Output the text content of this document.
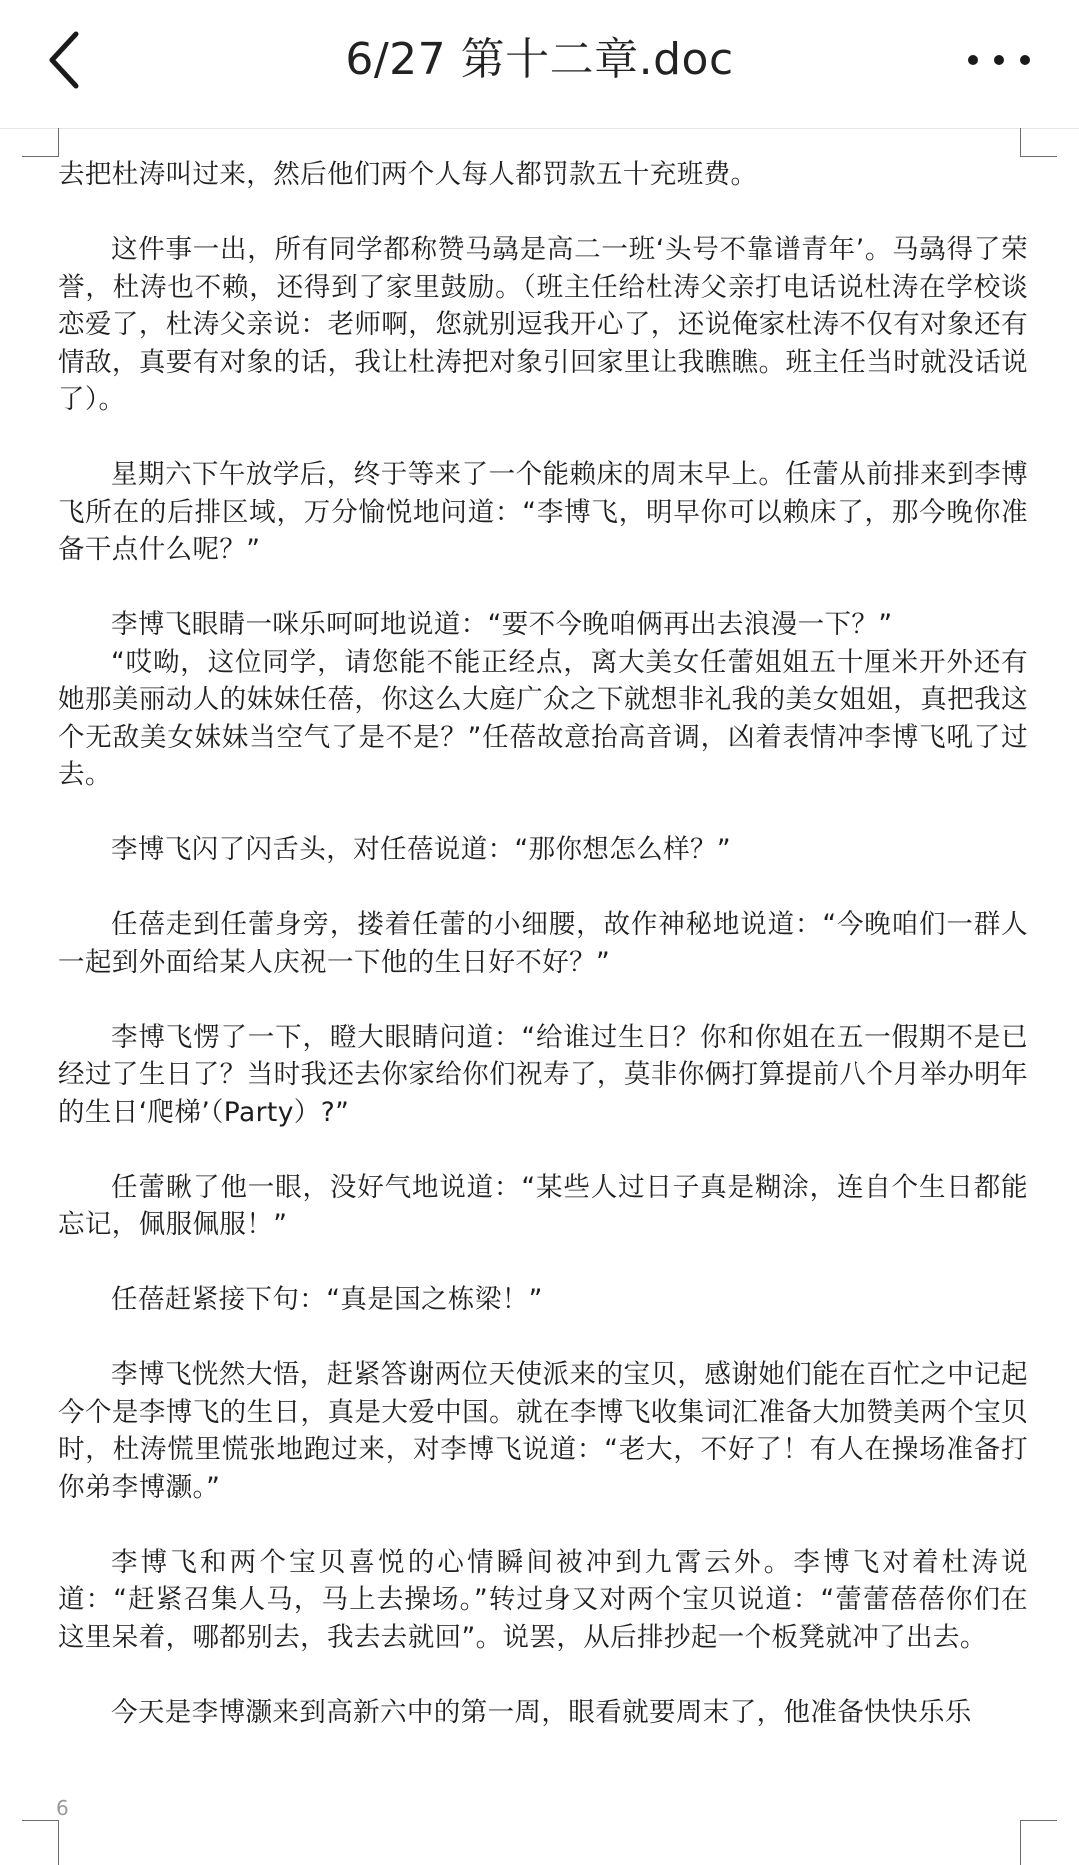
6/27 第十二章.doc

去把杜涛叫过来，然后他们两个人每人都罚款五十充班费。

这件事一出，所有同学都称赞马骉是高二一班‘头号不靠谱青年’。马骉得了荣誉，杜涛也不赖，还得到了家里鼓励。（班主任给杜涛父亲打电话说杜涛在学校谈恋爱了，杜涛父亲说：老师啊，您就别逗我开心了，还说俺家杜涛不仅有对象还有情敌，真要有对象的话，我让杜涛把对象引回家里让我瞧瞧。班主任当时就没话说了）。

星期六下午放学后，终于等来了一个能赖床的周末早上。任蕾从前排来到李博飞所在的后排区域，万分愉悦地问道：“李博飞，明早你可以赖床了，那今晚你准备干点什么呢？”

李博飞眼睛一咪乐呵呵地说道：“要不今晚咱俩再出去浪漫一下？”

“哎呦，这位同学，请您能不能正经点，离大美女任蕾姐姐五十厘米开外还有她那美丽动人的妹妹任蓓，你这么大庭广众之下就想非礼我的美女姐姐，真把我这个无敌美女妹妹当空气了是不是？”任蓓故意抬高音调，凶着表情冲李博飞吼了过去。

李博飞闪了闪舌头，对任蓓说道：“那你想怎么样？”

任蓓走到任蕾身旁，搂着任蕾的小细腰，故作神秘地说道：“今晚咱们一群人一起到外面给某人庆祝一下他的生日好不好？”

李博飞愣了一下，瞪大眼睛问道：“给谁过生日？你和你姐在五一假期不是已经过了生日了？当时我还去你家给你们祝寿了，莫非你俩打算提前八个月举办明年的生日‘爬梯’（Party）?”

任蕾瞅了他一眼，没好气地说道：“某些人过日子真是糊涂，连自个生日都能忘记，佩服佩服！”

任蓓赶紧接下句：“真是国之栋梁！”

李博飞恍然大悟，赶紧答谢两位天使派来的宝贝，感谢她们能在百忙之中记起今个是李博飞的生日，真是大爱中国。就在李博飞收集词汇准备大加赞美两个宝贝时，杜涛慌里慌张地跑过来，对李博飞说道：“老大，不好了！有人在操场准备打你弟李博灏。”

李博飞和两个宝贝喜悦的心情瞬间被冲到九霄云外。李博飞对着杜涛说道：“赶紧召集人马，马上去操场。”转过身又对两个宝贝说道：“蕾蕾蓓蓓你们在这里呆着，哪都别去，我去去就回”。说罢，从后排抄起一个板凳就冲了出去。

今天是李博灏来到高新六中的第一周，眼看就要周末了，他准备快快乐乐

6
